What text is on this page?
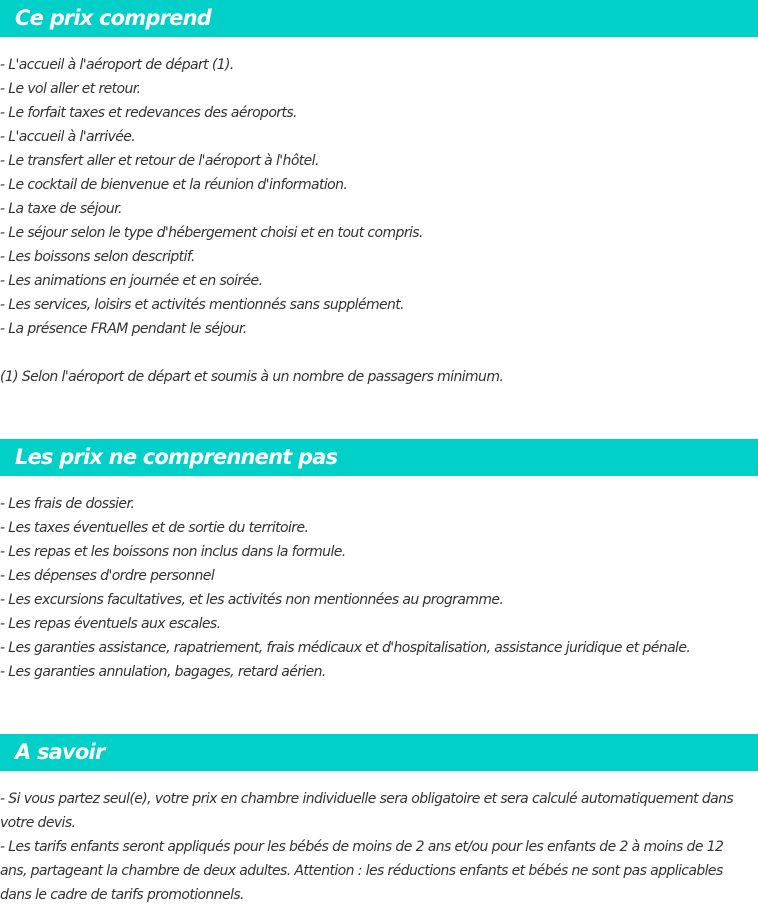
Ce prix comprend
- L'accueil à l'aéroport de départ (1).
- Le vol aller et retour.
- Le forfait taxes et redevances des aéroports.
- L'accueil à l'arrivée.
- Le transfert aller et retour de l'aéroport à l'hôtel.
- Le cocktail de bienvenue et la réunion d'information.
- La taxe de séjour.
- Le séjour selon le type d'hébergement choisi et en tout compris.
- Les boissons selon descriptif.
- Les animations en journée et en soirée.
- Les services, loisirs et activités mentionnés sans supplément.
- La présence FRAM pendant le séjour.

(1) Selon l'aéroport de départ et soumis à un nombre de passagers minimum.

Les prix ne comprennent pas
- Les frais de dossier.
- Les taxes éventuelles et de sortie du territoire.
- Les repas et les boissons non inclus dans la formule.
- Les dépenses d'ordre personnel
- Les excursions facultatives, et les activités non mentionnées au programme.
- Les repas éventuels aux escales.
- Les garanties assistance, rapatriement, frais médicaux et d'hospitalisation, assistance juridique et pénale.
- Les garanties annulation, bagages, retard aérien.
A savoir

- Si vous partez seul(e), votre prix en chambre individuelle sera obligatoire et sera calculé automatiquement dans votre devis.

- Les tarifs enfants seront appliqués pour les bébés de moins de 2 ans et/ou pour les enfants de 2 à moins de 12 ans, partageant la chambre de deux adultes. Attention : les réductions enfants et bébés ne sont pas applicables dans le cadre de tarifs promotionnels.
